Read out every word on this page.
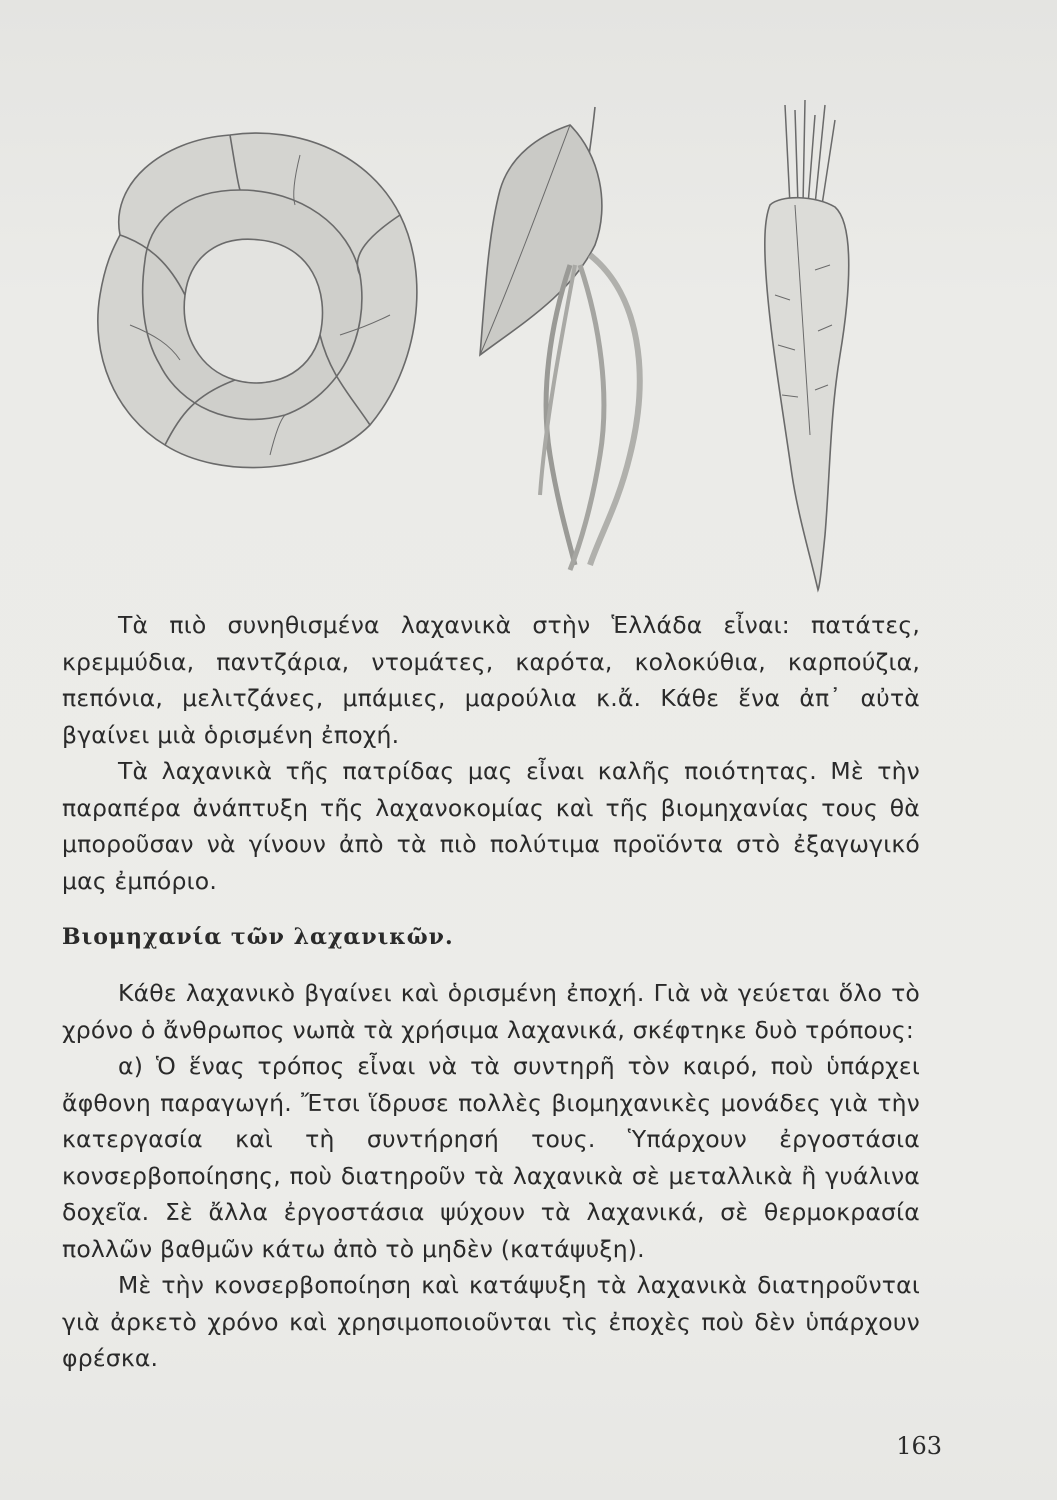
Τὰ πιὸ συνηθισμένα λαχανικὰ στὴν Ἑλλάδα εἶναι: πατάτες, κρεμμύδια, παντζάρια, ντομάτες, καρότα, κολοκύθια, καρπούζια, πεπόνια, μελιτζάνες, μπάμιες, μαρούλια κ.ἄ. Κάθε ἕνα ἀπ᾽ αὐτὰ βγαίνει μιὰ ὁρισμένη ἐποχή.

Τὰ λαχανικὰ τῆς πατρίδας μας εἶναι καλῆς ποιότητας. Μὲ τὴν παραπέρα ἀνάπτυξη τῆς λαχανοκομίας καὶ τῆς βιομηχανίας τους θὰ μποροῦσαν νὰ γίνουν ἀπὸ τὰ πιὸ πολύτιμα προϊόντα στὸ ἐξαγωγικό μας ἐμπόριο.

Βιομηχανία τῶν λαχανικῶν.

Κάθε λαχανικὸ βγαίνει καὶ ὁρισμένη ἐποχή. Γιὰ νὰ γεύεται ὅλο τὸ χρόνο ὁ ἄνθρωπος νωπὰ τὰ χρήσιμα λαχανικά, σκέφτηκε δυὸ τρόπους:

α) Ὁ ἕνας τρόπος εἶναι νὰ τὰ συντηρῆ τὸν καιρό, ποὺ ὑπάρχει ἄφθονη παραγωγή. Ἔτσι ἵδρυσε πολλὲς βιομηχανικὲς μονάδες γιὰ τὴν κατεργασία καὶ τὴ συντήρησή τους. Ὑπάρχουν ἐργοστάσια κονσερβοποίησης, ποὺ διατηροῦν τὰ λαχανικὰ σὲ μεταλλικὰ ἢ γυάλινα δοχεῖα. Σὲ ἄλλα ἐργοστάσια ψύχουν τὰ λαχανικά, σὲ θερμοκρασία πολλῶν βαθμῶν κάτω ἀπὸ τὸ μηδὲν (κατάψυξη).

Μὲ τὴν κονσερβοποίηση καὶ κατάψυξη τὰ λαχανικὰ διατηροῦνται γιὰ ἀρκετὸ χρόνο καὶ χρησιμοποιοῦνται τὶς ἐποχὲς ποὺ δὲν ὑπάρχουν φρέσκα.

163
